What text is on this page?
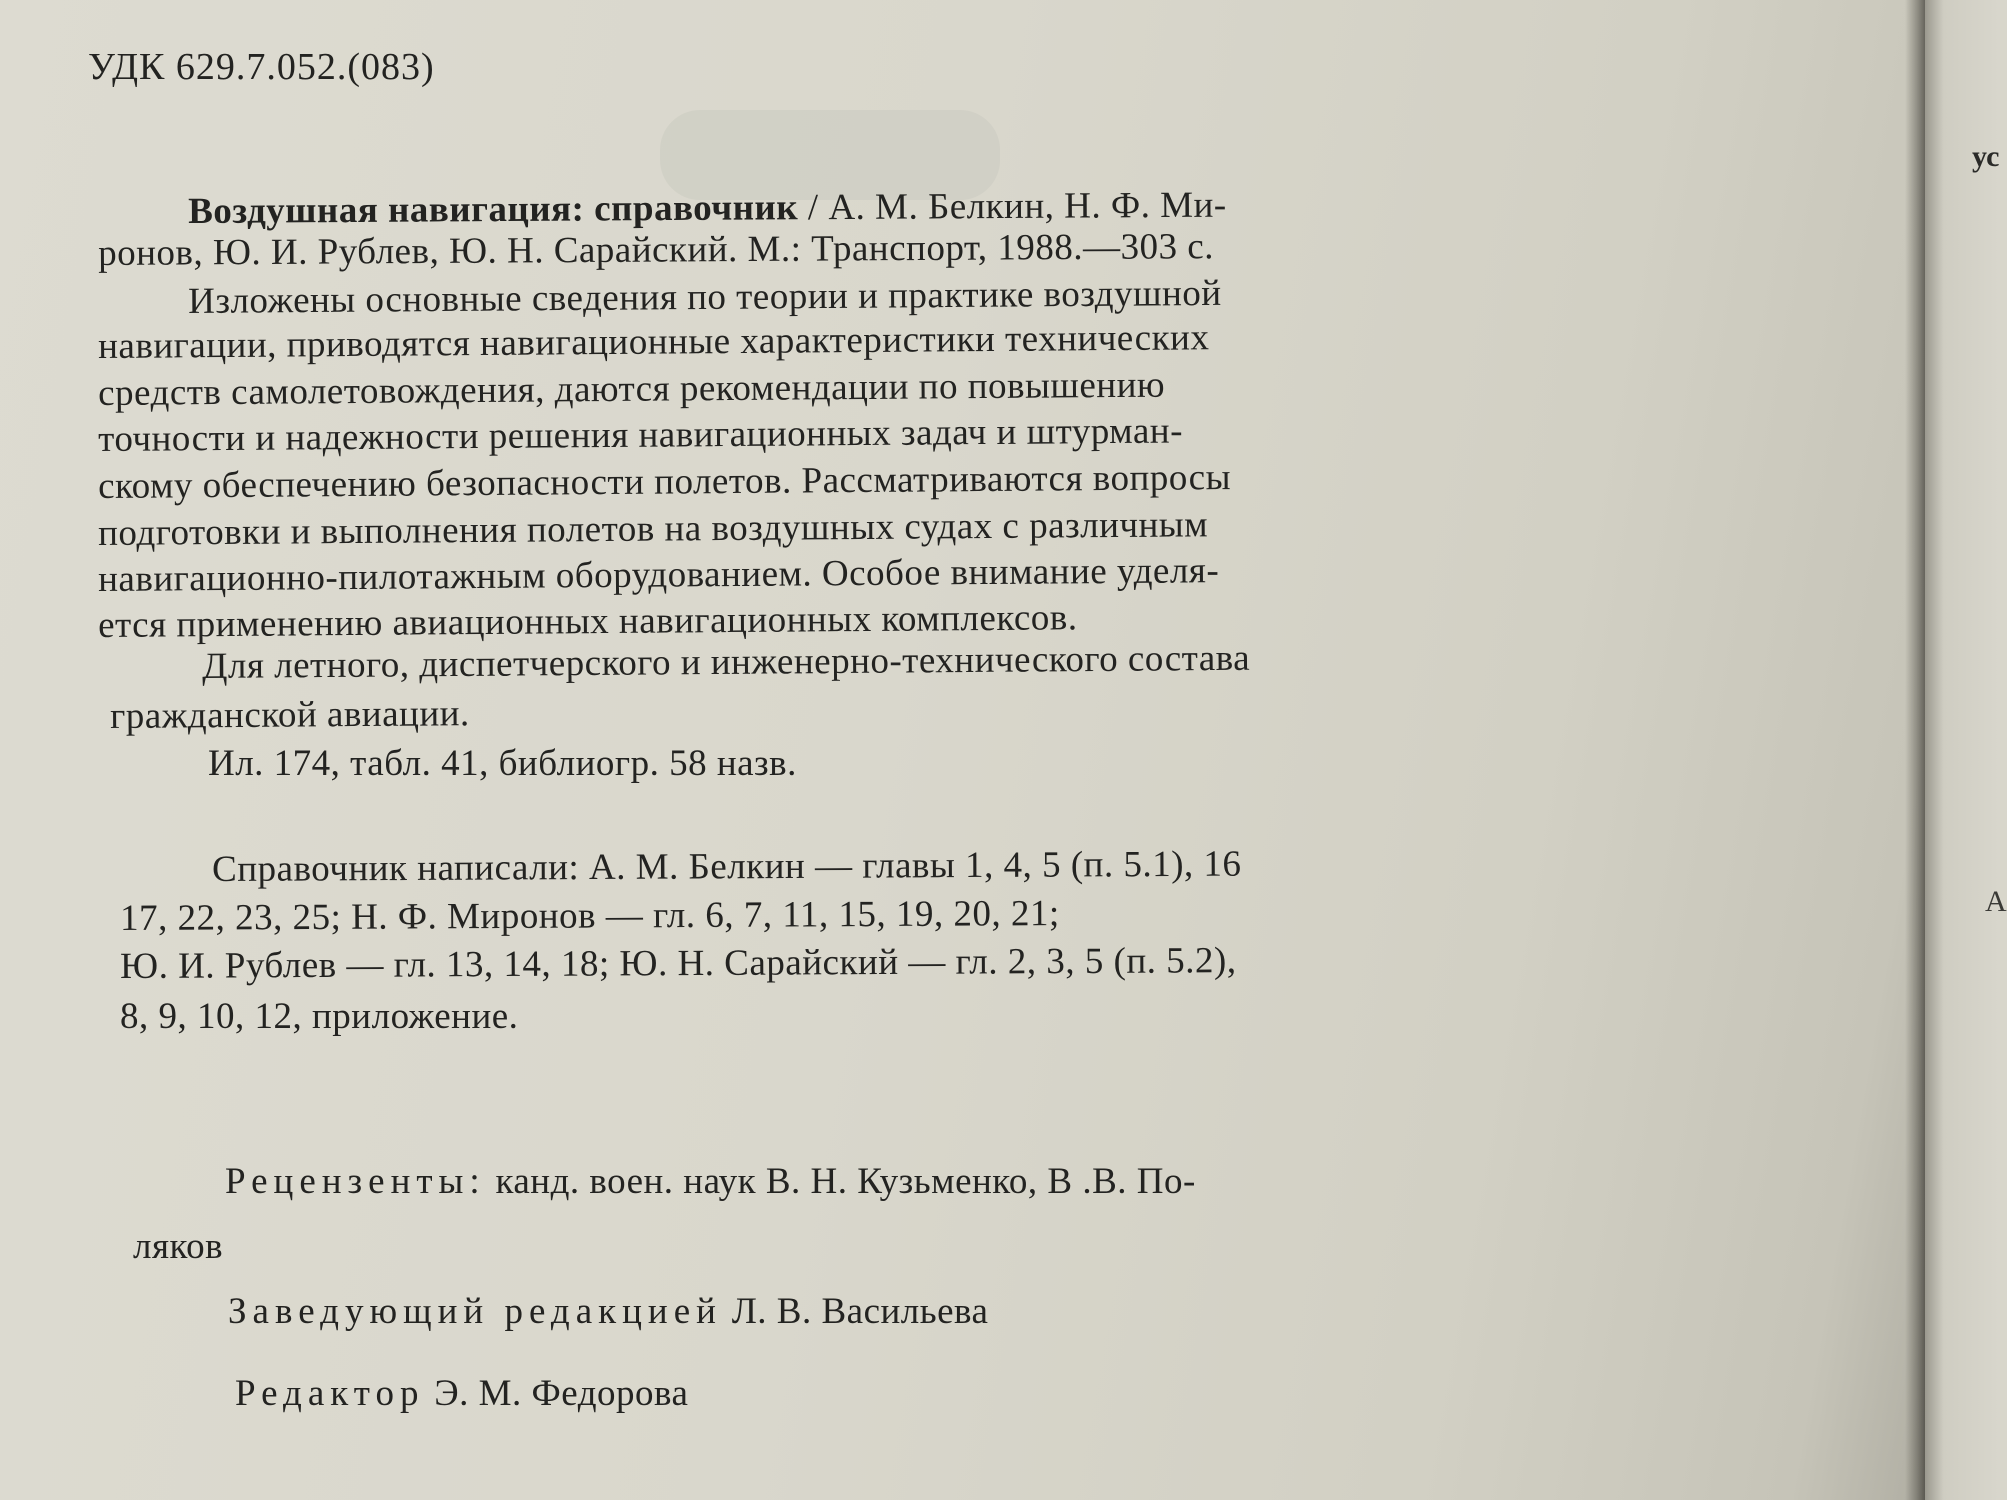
УДК 629.7.052.(083)
Воздушная навигация: справочник / А. М. Белкин, Н. Ф. Ми-
ронов, Ю. И. Рублев, Ю. Н. Сарайский. М.: Транспорт, 1988.—303 с.
Изложены основные сведения по теории и практике воздушной
навигации, приводятся навигационные характеристики технических
средств самолетовождения, даются рекомендации по повышению
точности и надежности решения навигационных задач и штурман-
скому обеспечению безопасности полетов. Рассматриваются вопросы
подготовки и выполнения полетов на воздушных судах с различным
навигационно-пилотажным оборудованием. Особое внимание уделя-
ется применению авиационных навигационных комплексов.
Для летного, диспетчерского и инженерно-технического состава
гражданской авиации.
Ил. 174, табл. 41, библиогр. 58 назв.
Справочник написали: А. М. Белкин — главы 1, 4, 5 (п. 5.1), 16
17, 22, 23, 25; Н. Ф. Миронов — гл. 6, 7, 11, 15, 19, 20, 21;
Ю. И. Рублев — гл. 13, 14, 18; Ю. Н. Сарайский — гл. 2, 3, 5 (п. 5.2),
8, 9, 10, 12, приложение.
Рецензенты: канд. воен. наук В. Н. Кузьменко, В .В. По-
ляков
Заведующий редакцией Л. В. Васильева
Редактор Э. М. Федорова
ус
А
